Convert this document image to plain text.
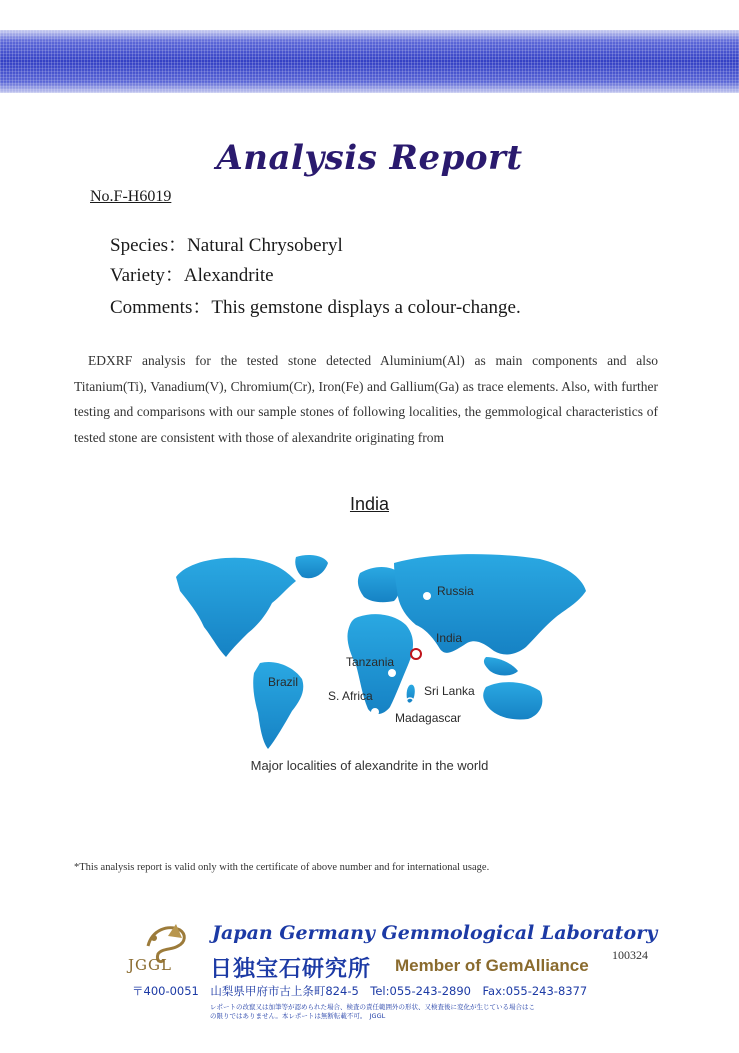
Analysis Report
No.F-H6019
Species：Natural Chrysoberyl
Variety：Alexandrite
Comments：This gemstone displays a colour-change.

EDXRF analysis for the tested stone detected Aluminium(Al) as main components and also Titanium(Ti), Vanadium(V), Chromium(Cr), Iron(Fe) and Gallium(Ga) as trace elements. Also, with further testing and comparisons with our sample stones of following localities, the gemmological characteristics of tested stone are consistent with those of alexandrite originating from

India
Russia
India
Tanzania
Brazil
S. Africa	Sri Lanka
Madagascar
Major localities of alexandrite in the world
*This analysis report is valid only with the certificate of above number and for international usage.
JGGL
Japan Germany Gemmological Laboratory
日独宝石研究所 Member of GemAlliance
100324
〒400-0051　山梨県甲府市古上条町824-5　Tel:055-243-2890　Fax:055-243-8377
レポートの改竄又は加筆等が認められた場合、検査の責任範囲外の形状、又検査後に変化が生じている場合はこの限りではありません。本レポートは無断転載不可。　JGGL
